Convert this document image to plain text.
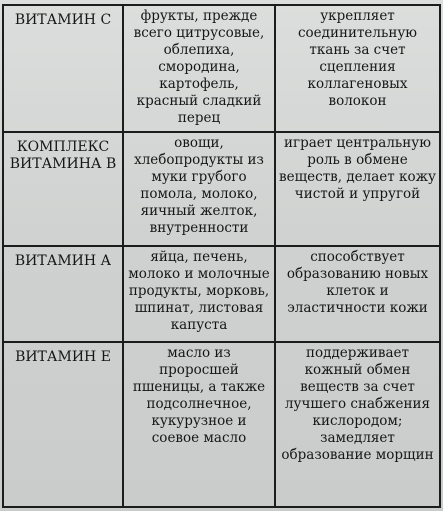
ВИТАМИН С	фрукты, прежде всего цитрусовые, облепиха, смородина, картофель, красный сладкий перец	укрепляет соединительную ткань за счет сцепления коллагеновых волокон
КОМПЛЕКС ВИТАМИНА В	овощи, хлебопродукты из муки грубого помола, молоко, яичный желток, внутренности	играет центральную роль в обмене веществ, делает кожу чистой и упругой
ВИТАМИН А	яйца, печень, молоко и молочные продукты, морковь, шпинат, листовая капуста	способствует образованию новых клеток и эластичности кожи
ВИТАМИН Е	масло из проросшей пшеницы, а также подсолнечное, кукурузное и соевое масло	поддерживает кожный обмен веществ за счет лучшего снабжения кислородом; замедляет образование морщин
